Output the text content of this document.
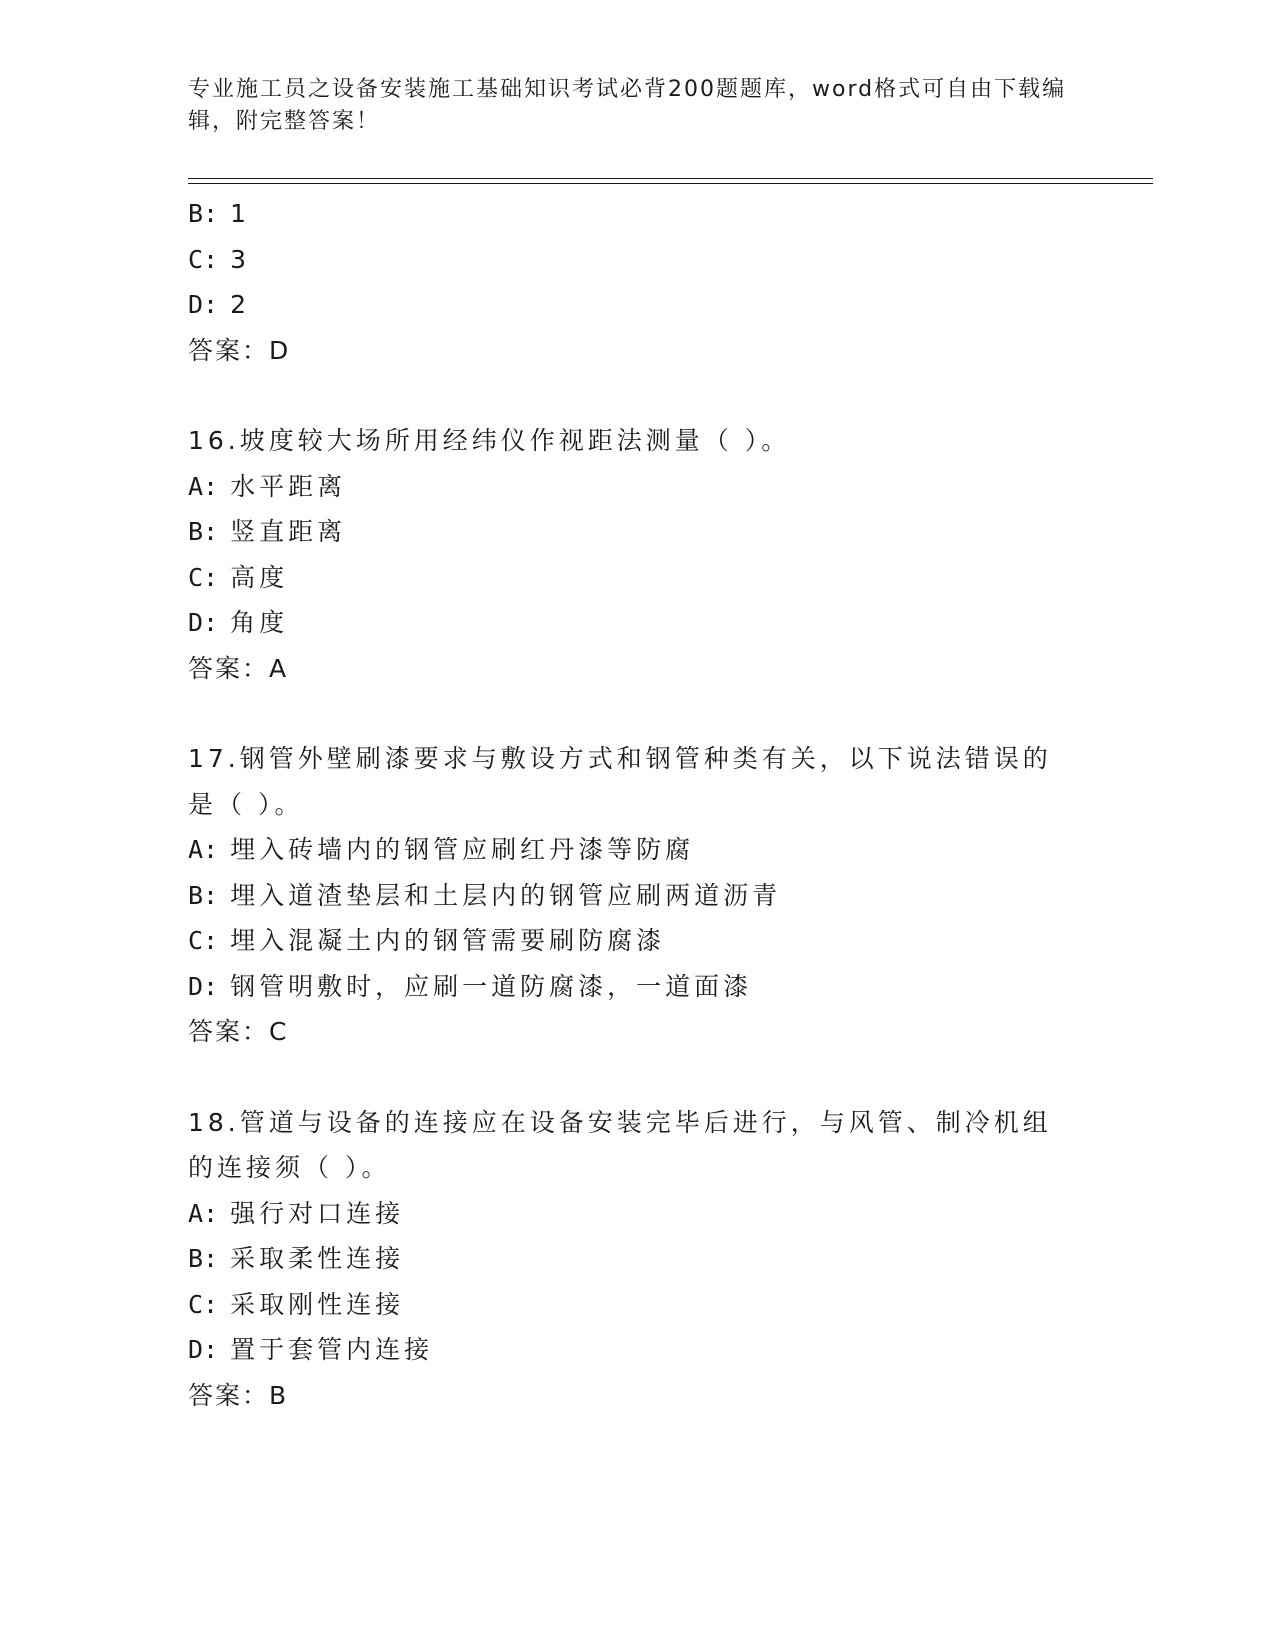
专业施工员之设备安装施工基础知识考试必背200题题库，word格式可自由下载编辑，附完整答案！
B: 1
C: 3
D: 2
答案：D
16.坡度较大场所用经纬仪作视距法测量（ ）。
A: 水平距离
B: 竖直距离
C: 高度
D: 角度
答案：A
17.钢管外壁刷漆要求与敷设方式和钢管种类有关，以下说法错误的是（ ）。
A: 埋入砖墙内的钢管应刷红丹漆等防腐
B: 埋入道渣垫层和土层内的钢管应刷两道沥青
C: 埋入混凝土内的钢管需要刷防腐漆
D: 钢管明敷时，应刷一道防腐漆，一道面漆
答案：C
18.管道与设备的连接应在设备安装完毕后进行，与风管、制冷机组的连接须（ ）。
A: 强行对口连接
B: 采取柔性连接
C: 采取刚性连接
D: 置于套管内连接
答案：B
